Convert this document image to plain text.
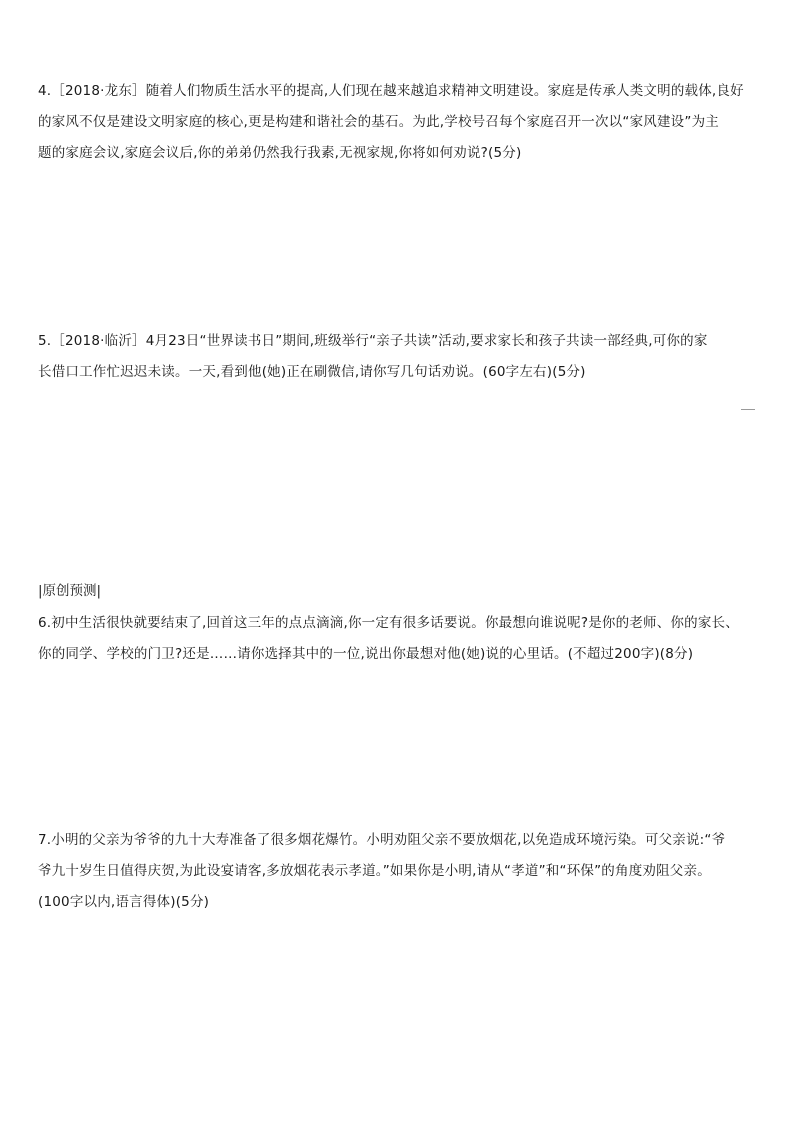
4.［2018·龙东］随着人们物质生活水平的提高,人们现在越来越追求精神文明建设。家庭是传承人类文明的载体,良好
的家风不仅是建设文明家庭的核心,更是构建和谐社会的基石。为此,学校号召每个家庭召开一次以“家风建设”为主
题的家庭会议,家庭会议后,你的弟弟仍然我行我素,无视家规,你将如何劝说?(5分)
5.［2018·临沂］4月23日“世界读书日”期间,班级举行“亲子共读”活动,要求家长和孩子共读一部经典,可你的家
长借口工作忙迟迟未读。一天,看到他(她)正在刷微信,请你写几句话劝说。(60字左右)(5分)
|原创预测|
6.初中生活很快就要结束了,回首这三年的点点滴滴,你一定有很多话要说。你最想向谁说呢?是你的老师、你的家长、
你的同学、学校的门卫?还是……请你选择其中的一位,说出你最想对他(她)说的心里话。(不超过200字)(8分)
7.小明的父亲为爷爷的九十大寿准备了很多烟花爆竹。小明劝阻父亲不要放烟花,以免造成环境污染。可父亲说:“爷
爷九十岁生日值得庆贺,为此设宴请客,多放烟花表示孝道。”如果你是小明,请从“孝道”和“环保”的角度劝阻父亲。
(100字以内,语言得体)(5分)
